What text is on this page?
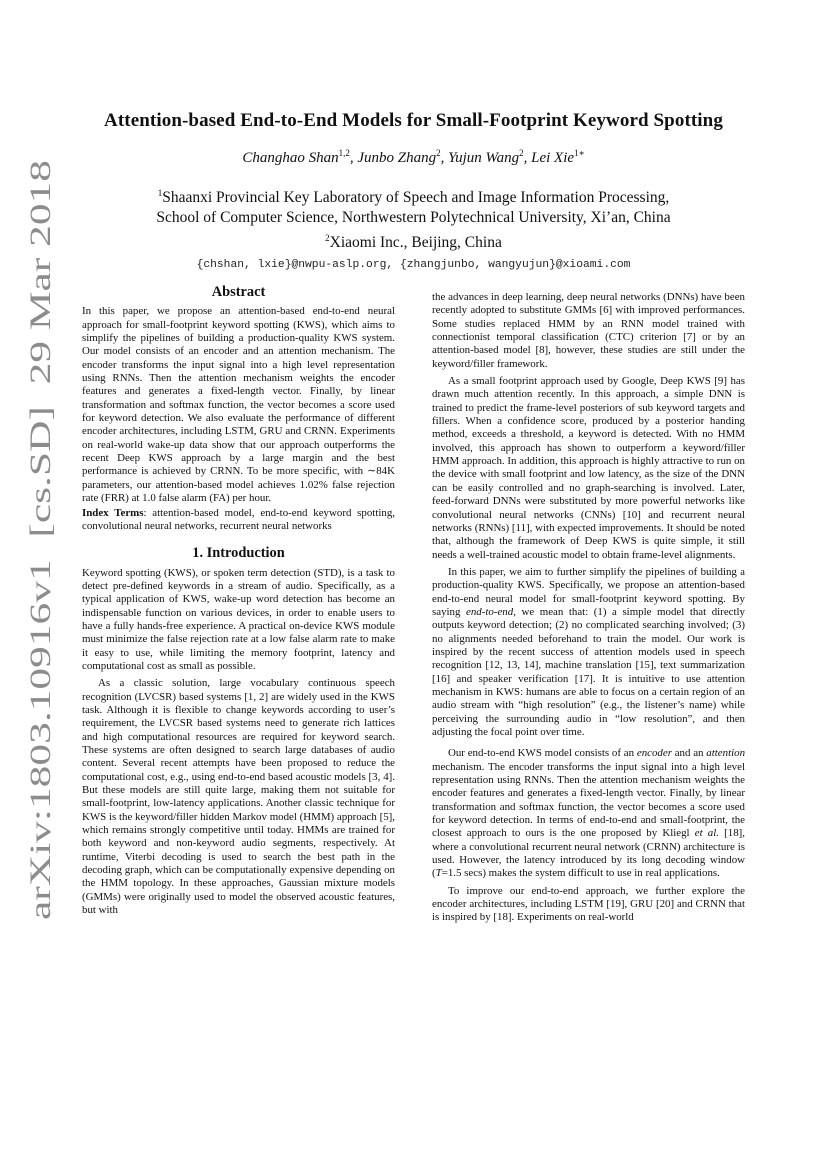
arXiv:1803.10916v1  [cs.SD]  29 Mar 2018
Attention-based End-to-End Models for Small-Footprint Keyword Spotting
Changhao Shan$^{1,2}$, Junbo Zhang$^2$, Yujun Wang$^2$, Lei Xie$^{1∗}$
$^1$Shaanxi Provincial Key Laboratory of Speech and Image Information Processing,
School of Computer Science, Northwestern Polytechnical University, Xi’an, China
$^2$Xiaomi Inc., Beijing, China
{chshan, lxie}@nwpu-aslp.org, {zhangjunbo, wangyujun}@xioami.com
Abstract

In this paper, we propose an attention-based end-to-end neural approach for small-footprint keyword spotting (KWS), which aims to simplify the pipelines of building a production-quality KWS system. Our model consists of an encoder and an attention mechanism. The encoder transforms the input signal into a high level representation using RNNs. Then the attention mechanism weights the encoder features and generates a fixed-length vector. Finally, by linear transformation and softmax function, the vector becomes a score used for keyword detection. We also evaluate the performance of different encoder architectures, including LSTM, GRU and CRNN. Experiments on real-world wake-up data show that our approach outperforms the recent Deep KWS approach by a large margin and the best performance is achieved by CRNN. To be more specific, with ∼84K parameters, our attention-based model achieves 1.02% false rejection rate (FRR) at 1.0 false alarm (FA) per hour.

Index Terms: attention-based model, end-to-end keyword spotting, convolutional neural networks, recurrent neural networks

1. Introduction

Keyword spotting (KWS), or spoken term detection (STD), is a task to detect pre-defined keywords in a stream of audio. Specifically, as a typical application of KWS, wake-up word detection has become an indispensable function on various devices, in order to enable users to have a fully hands-free experience. A practical on-device KWS module must minimize the false rejection rate at a low false alarm rate to make it easy to use, while limiting the memory footprint, latency and computational cost as small as possible.

As a classic solution, large vocabulary continuous speech recognition (LVCSR) based systems [1, 2] are widely used in the KWS task. Although it is flexible to change keywords according to user’s requirement, the LVCSR based systems need to generate rich lattices and high computational resources are required for keyword search. These systems are often designed to search large databases of audio content. Several recent attempts have been proposed to reduce the computational cost, e.g., using end-to-end based acoustic models [3, 4]. But these models are still quite large, making them not suitable for small-footprint, low-latency applications. Another classic technique for KWS is the keyword/filler hidden Markov model (HMM) approach [5], which remains strongly competitive until today. HMMs are trained for both keyword and non-keyword audio segments, respectively. At runtime, Viterbi decoding is used to search the best path in the decoding graph, which can be computationally expensive depending on the HMM topology. In these approaches, Gaussian mixture models (GMMs) were originally used to model the observed acoustic features, but with

the advances in deep learning, deep neural networks (DNNs) have been recently adopted to substitute GMMs [6] with improved performances. Some studies replaced HMM by an RNN model trained with connectionist temporal classification (CTC) criterion [7] or by an attention-based model [8], however, these studies are still under the keyword/filler framework.

As a small footprint approach used by Google, Deep KWS [9] has drawn much attention recently. In this approach, a simple DNN is trained to predict the frame-level posteriors of sub keyword targets and fillers. When a confidence score, produced by a posterior handing method, exceeds a threshold, a keyword is detected. With no HMM involved, this approach has shown to outperform a keyword/filler HMM approach. In addition, this approach is highly attractive to run on the device with small footprint and low latency, as the size of the DNN can be easily controlled and no graph-searching is involved. Later, feed-forward DNNs were substituted by more powerful networks like convolutional neural networks (CNNs) [10] and recurrent neural networks (RNNs) [11], with expected improvements. It should be noted that, although the framework of Deep KWS is quite simple, it still needs a well-trained acoustic model to obtain frame-level alignments.

In this paper, we aim to further simplify the pipelines of building a production-quality KWS. Specifically, we propose an attention-based end-to-end neural model for small-footprint keyword spotting. By saying end-to-end, we mean that: (1) a simple model that directly outputs keyword detection; (2) no complicated searching involved; (3) no alignments needed beforehand to train the model. Our work is inspired by the recent success of attention models used in speech recognition [12, 13, 14], machine translation [15], text summarization [16] and speaker verification [17]. It is intuitive to use attention mechanism in KWS: humans are able to focus on a certain region of an audio stream with “high resolution” (e.g., the listener’s name) while perceiving the surrounding audio in “low resolution”, and then adjusting the focal point over time.

Our end-to-end KWS model consists of an encoder and an attention mechanism. The encoder transforms the input signal into a high level representation using RNNs. Then the attention mechanism weights the encoder features and generates a fixed-length vector. Finally, by linear transformation and softmax function, the vector becomes a score used for keyword detection. In terms of end-to-end and small-footprint, the closest approach to ours is the one proposed by Kliegl et al. [18], where a convolutional recurrent neural network (CRNN) architecture is used. However, the latency introduced by its long decoding window (T=1.5 secs) makes the system difficult to use in real applications.

To improve our end-to-end approach, we further explore the encoder architectures, including LSTM [19], GRU [20] and CRNN that is inspired by [18]. Experiments on real-world
